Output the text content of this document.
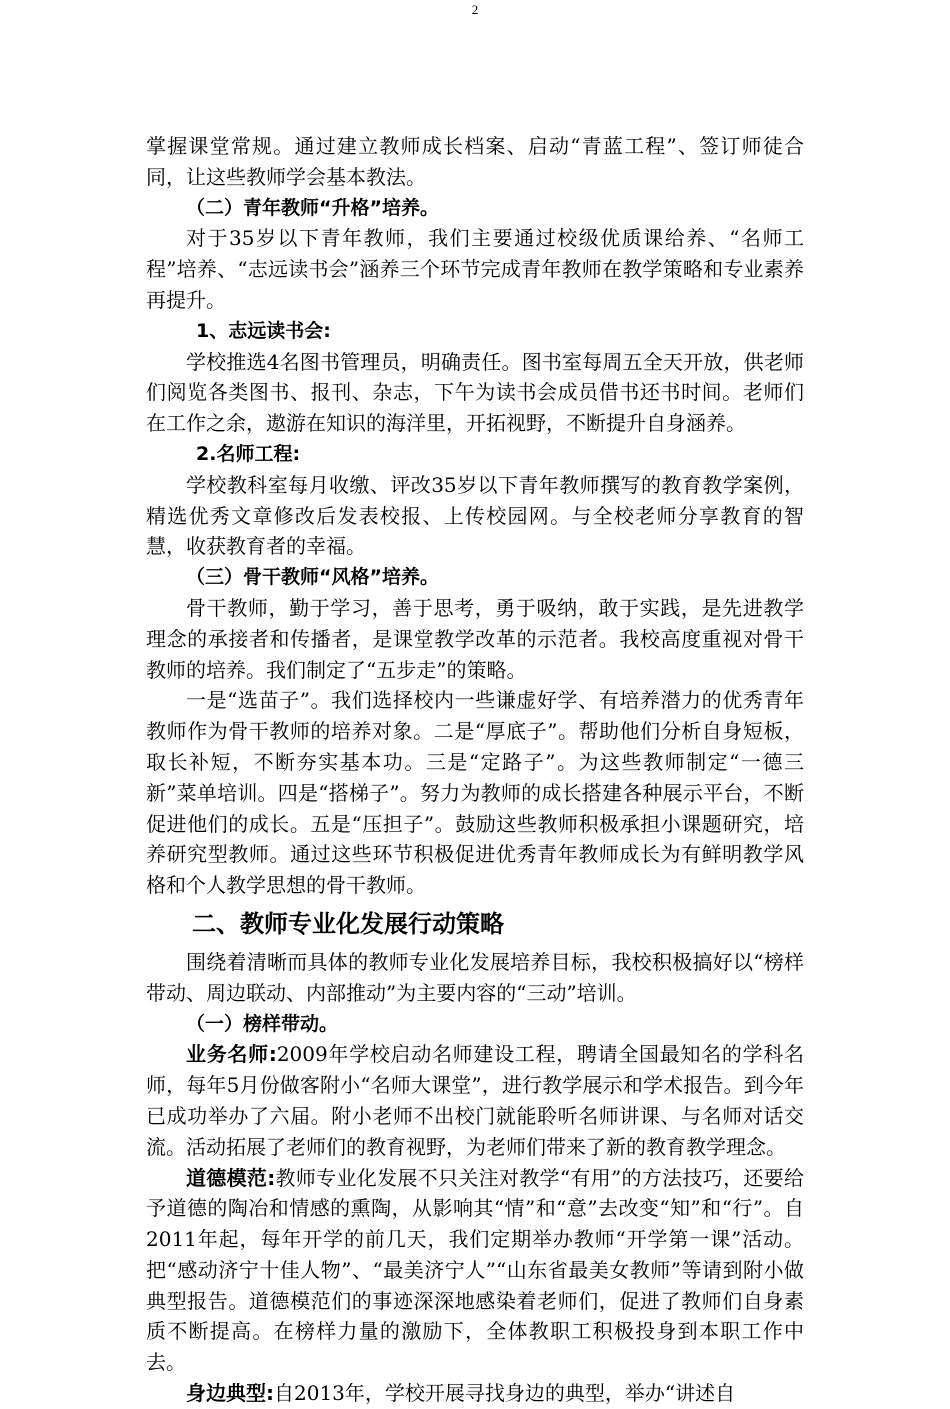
2

掌握课堂常规。通过建立教师成长档案、启动“青蓝工程”、签订师徒合同，让这些教师学会基本教法。

（二）青年教师“升格”培养。

对于35岁以下青年教师，我们主要通过校级优质课给养、“名师工程”培养、“志远读书会”涵养三个环节完成青年教师在教学策略和专业素养再提升。

1、志远读书会:

学校推选4名图书管理员，明确责任。图书室每周五全天开放，供老师们阅览各类图书、报刊、杂志，下午为读书会成员借书还书时间。老师们在工作之余，遨游在知识的海洋里，开拓视野，不断提升自身涵养。

2.名师工程:

学校教科室每月收缴、评改35岁以下青年教师撰写的教育教学案例，精选优秀文章修改后发表校报、上传校园网。与全校老师分享教育的智慧，收获教育者的幸福。

（三）骨干教师“风格”培养。

骨干教师，勤于学习，善于思考，勇于吸纳，敢于实践，是先进教学理念的承接者和传播者，是课堂教学改革的示范者。我校高度重视对骨干教师的培养。我们制定了“五步走”的策略。

一是“选苗子”。我们选择校内一些谦虚好学、有培养潜力的优秀青年教师作为骨干教师的培养对象。二是“厚底子”。帮助他们分析自身短板，取长补短，不断夯实基本功。三是“定路子”。为这些教师制定“一德三新”菜单培训。四是“搭梯子”。努力为教师的成长搭建各种展示平台，不断促进他们的成长。五是“压担子”。鼓励这些教师积极承担小课题研究，培养研究型教师。通过这些环节积极促进优秀青年教师成长为有鲜明教学风格和个人教学思想的骨干教师。

二、教师专业化发展行动策略

围绕着清晰而具体的教师专业化发展培养目标，我校积极搞好以“榜样带动、周边联动、内部推动”为主要内容的“三动”培训。

（一）榜样带动。

业务名师:2009年学校启动名师建设工程，聘请全国最知名的学科名师，每年5月份做客附小“名师大课堂”，进行教学展示和学术报告。到今年已成功举办了六届。附小老师不出校门就能聆听名师讲课、与名师对话交流。活动拓展了老师们的教育视野，为老师们带来了新的教育教学理念。

道德模范:教师专业化发展不只关注对教学“有用”的方法技巧，还要给予道德的陶冶和情感的熏陶，从影响其“情”和“意”去改变“知”和“行”。自2011年起，每年开学的前几天，我们定期举办教师“开学第一课”活动。把“感动济宁十佳人物”、“最美济宁人”“山东省最美女教师”等请到附小做典型报告。道德模范们的事迹深深地感染着老师们，促进了教师们自身素质不断提高。在榜样力量的激励下，全体教职工积极投身到本职工作中去。

身边典型:自2013年，学校开展寻找身边的典型，举办“讲述自
